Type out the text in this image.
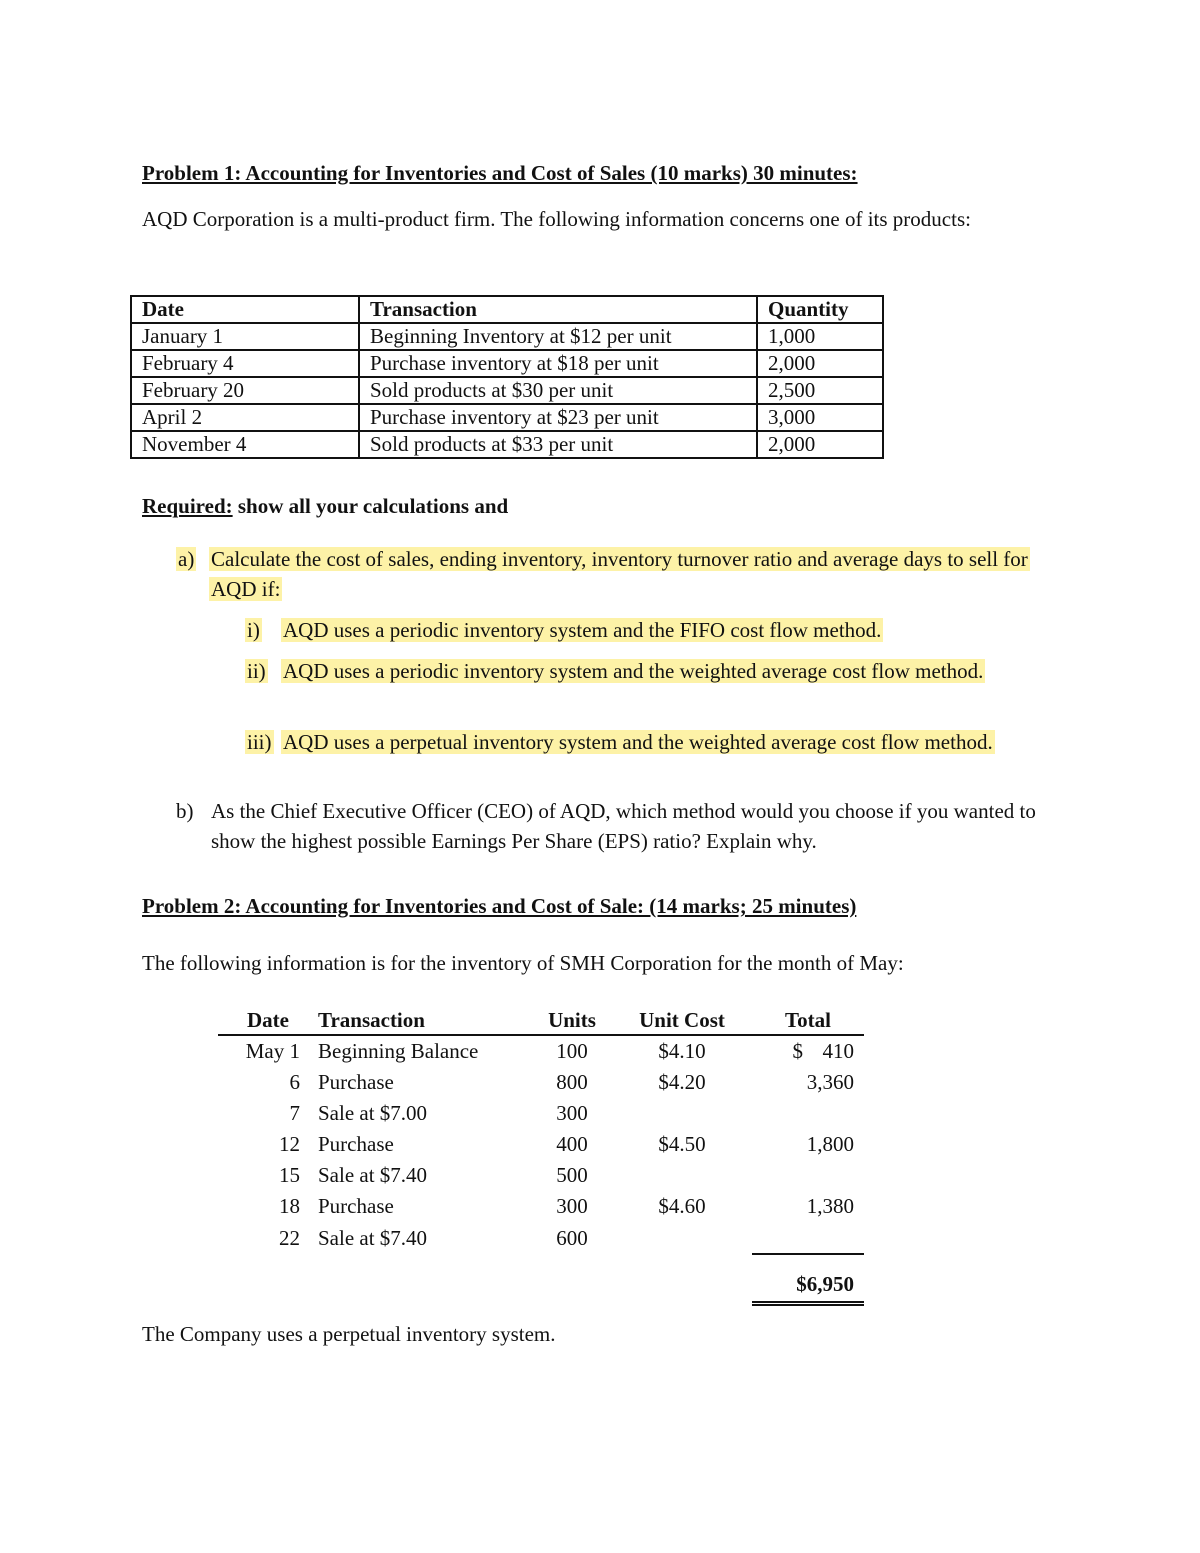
Problem 1: Accounting for Inventories and Cost of Sales (10 marks) 30 minutes:
AQD Corporation is a multi-product firm. The following information concerns one of its products:
Date	Transaction	Quantity
January 1	Beginning Inventory at $12 per unit	1,000
February 4	Purchase inventory at $18 per unit	2,000
February 20	Sold products at $30 per unit	2,500
April 2	Purchase inventory at $23 per unit	3,000
November 4	Sold products at $33 per unit	2,000
Required: show all your calculations and
a) Calculate the cost of sales, ending inventory, inventory turnover ratio and average days to sell for AQD if:
i) AQD uses a periodic inventory system and the FIFO cost flow method.
ii) AQD uses a periodic inventory system and the weighted average cost flow method.
iii) AQD uses a perpetual inventory system and the weighted average cost flow method.
b) As the Chief Executive Officer (CEO) of AQD, which method would you choose if you wanted to show the highest possible Earnings Per Share (EPS) ratio? Explain why.
Problem 2: Accounting for Inventories and Cost of Sale: (14 marks; 25 minutes)
The following information is for the inventory of SMH Corporation for the month of May:
Date	Transaction	Units	Unit Cost	Total
May 1	Beginning Balance	100	$4.10	$ 410
6	Purchase	800	$4.20	3,360
7	Sale at $7.00	300		
12	Purchase	400	$4.50	1,800
15	Sale at $7.40	500		
18	Purchase	300	$4.60	1,380
22	Sale at $7.40	600		

				$6,950
The Company uses a perpetual inventory system.
